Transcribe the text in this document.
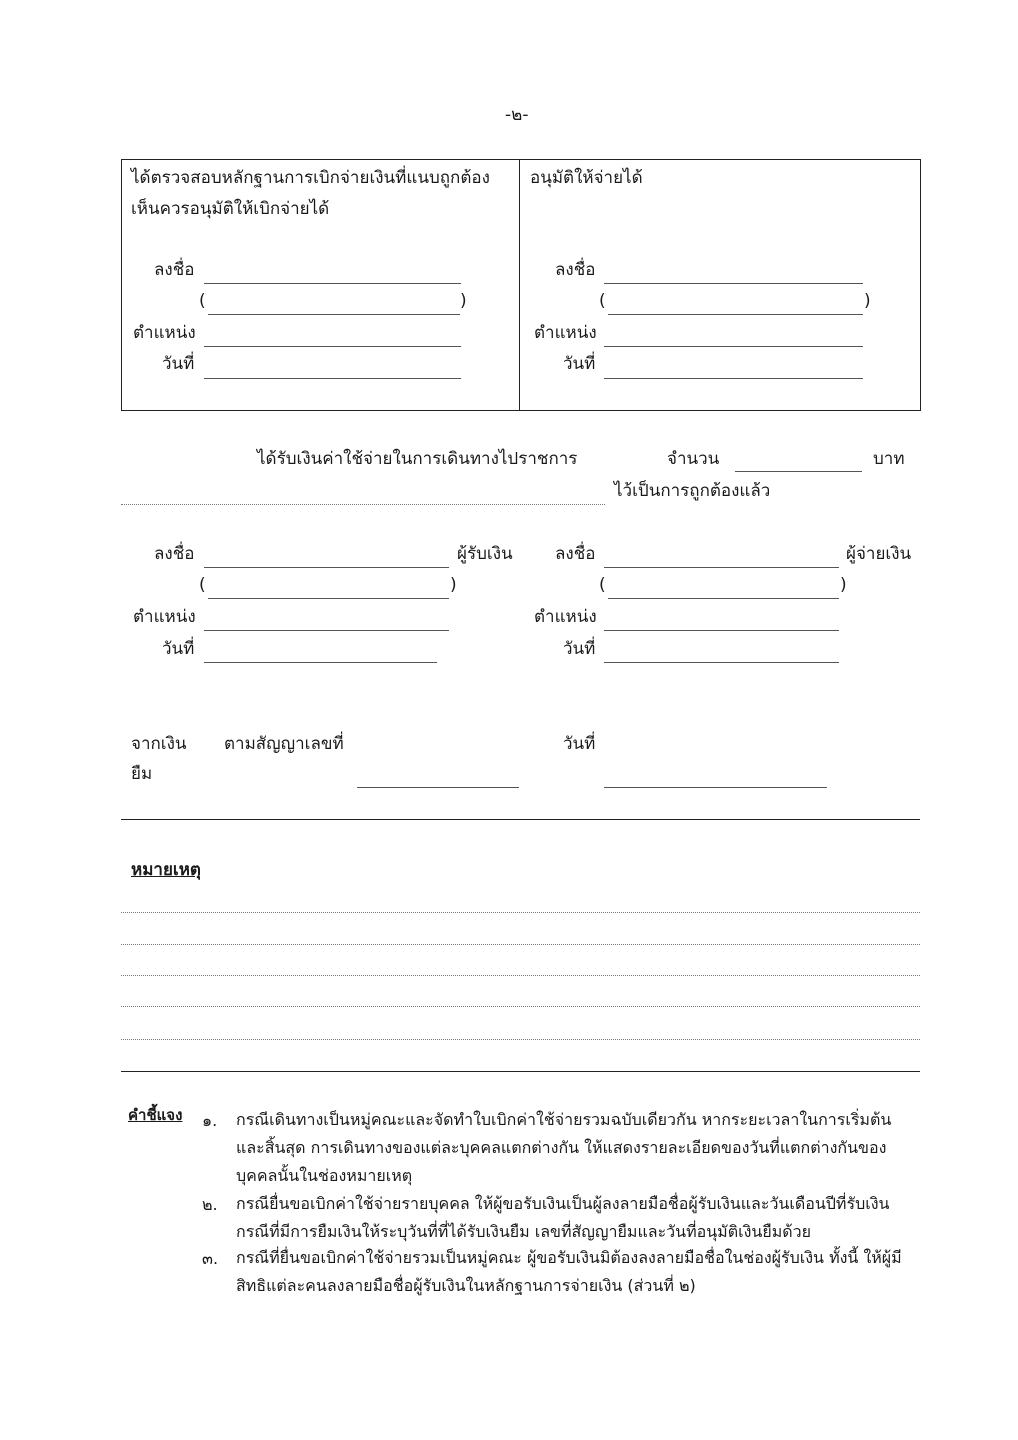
-๒-
ได้ตรวจสอบหลักฐานการเบิกจ่ายเงินที่แนบถูกต้อง
เห็นควรอนุมัติให้เบิกจ่ายได้
ลงชื่อ
(	)
ตำแหน่ง
วันที่
อนุมัติให้จ่ายได้
ลงชื่อ
(	)
ตำแหน่ง
วันที่
ได้รับเงินค่าใช้จ่ายในการเดินทางไปราชการ	จำนวน	บาท
ไว้เป็นการถูกต้องแล้ว
ลงชื่อ	ผู้รับเงิน
(	)
ตำแหน่ง
วันที่
ลงชื่อ	ผู้จ่ายเงิน
(	)
ตำแหน่ง
วันที่
จากเงิน
ยืม
ตามสัญญาเลขที่	วันที่
หมายเหตุ
คำชี้แจง ๑. กรณีเดินทางเป็นหมู่คณะและจัดทำใบเบิกค่าใช้จ่ายรวมฉบับเดียวกัน หากระยะเวลาในการเริ่มต้น และสิ้นสุด การเดินทางของแต่ละบุคคลแตกต่างกัน ให้แสดงรายละเอียดของวันที่แตกต่างกันของบุคคลนั้นในช่องหมายเหตุ
๒. กรณียื่นขอเบิกค่าใช้จ่ายรายบุคคล ให้ผู้ขอรับเงินเป็นผู้ลงลายมือชื่อผู้รับเงินและวันเดือนปีที่รับเงิน กรณีที่มีการยืมเงินให้ระบุวันที่ที่ได้รับเงินยืม เลขที่สัญญายืมและวันที่อนุมัติเงินยืมด้วย
๓. กรณีที่ยื่นขอเบิกค่าใช้จ่ายรวมเป็นหมู่คณะ ผู้ขอรับเงินมิต้องลงลายมือชื่อในช่องผู้รับเงิน ทั้งนี้ ให้ผู้มีสิทธิแต่ละคนลงลายมือชื่อผู้รับเงินในหลักฐานการจ่ายเงิน (ส่วนที่ ๒)
